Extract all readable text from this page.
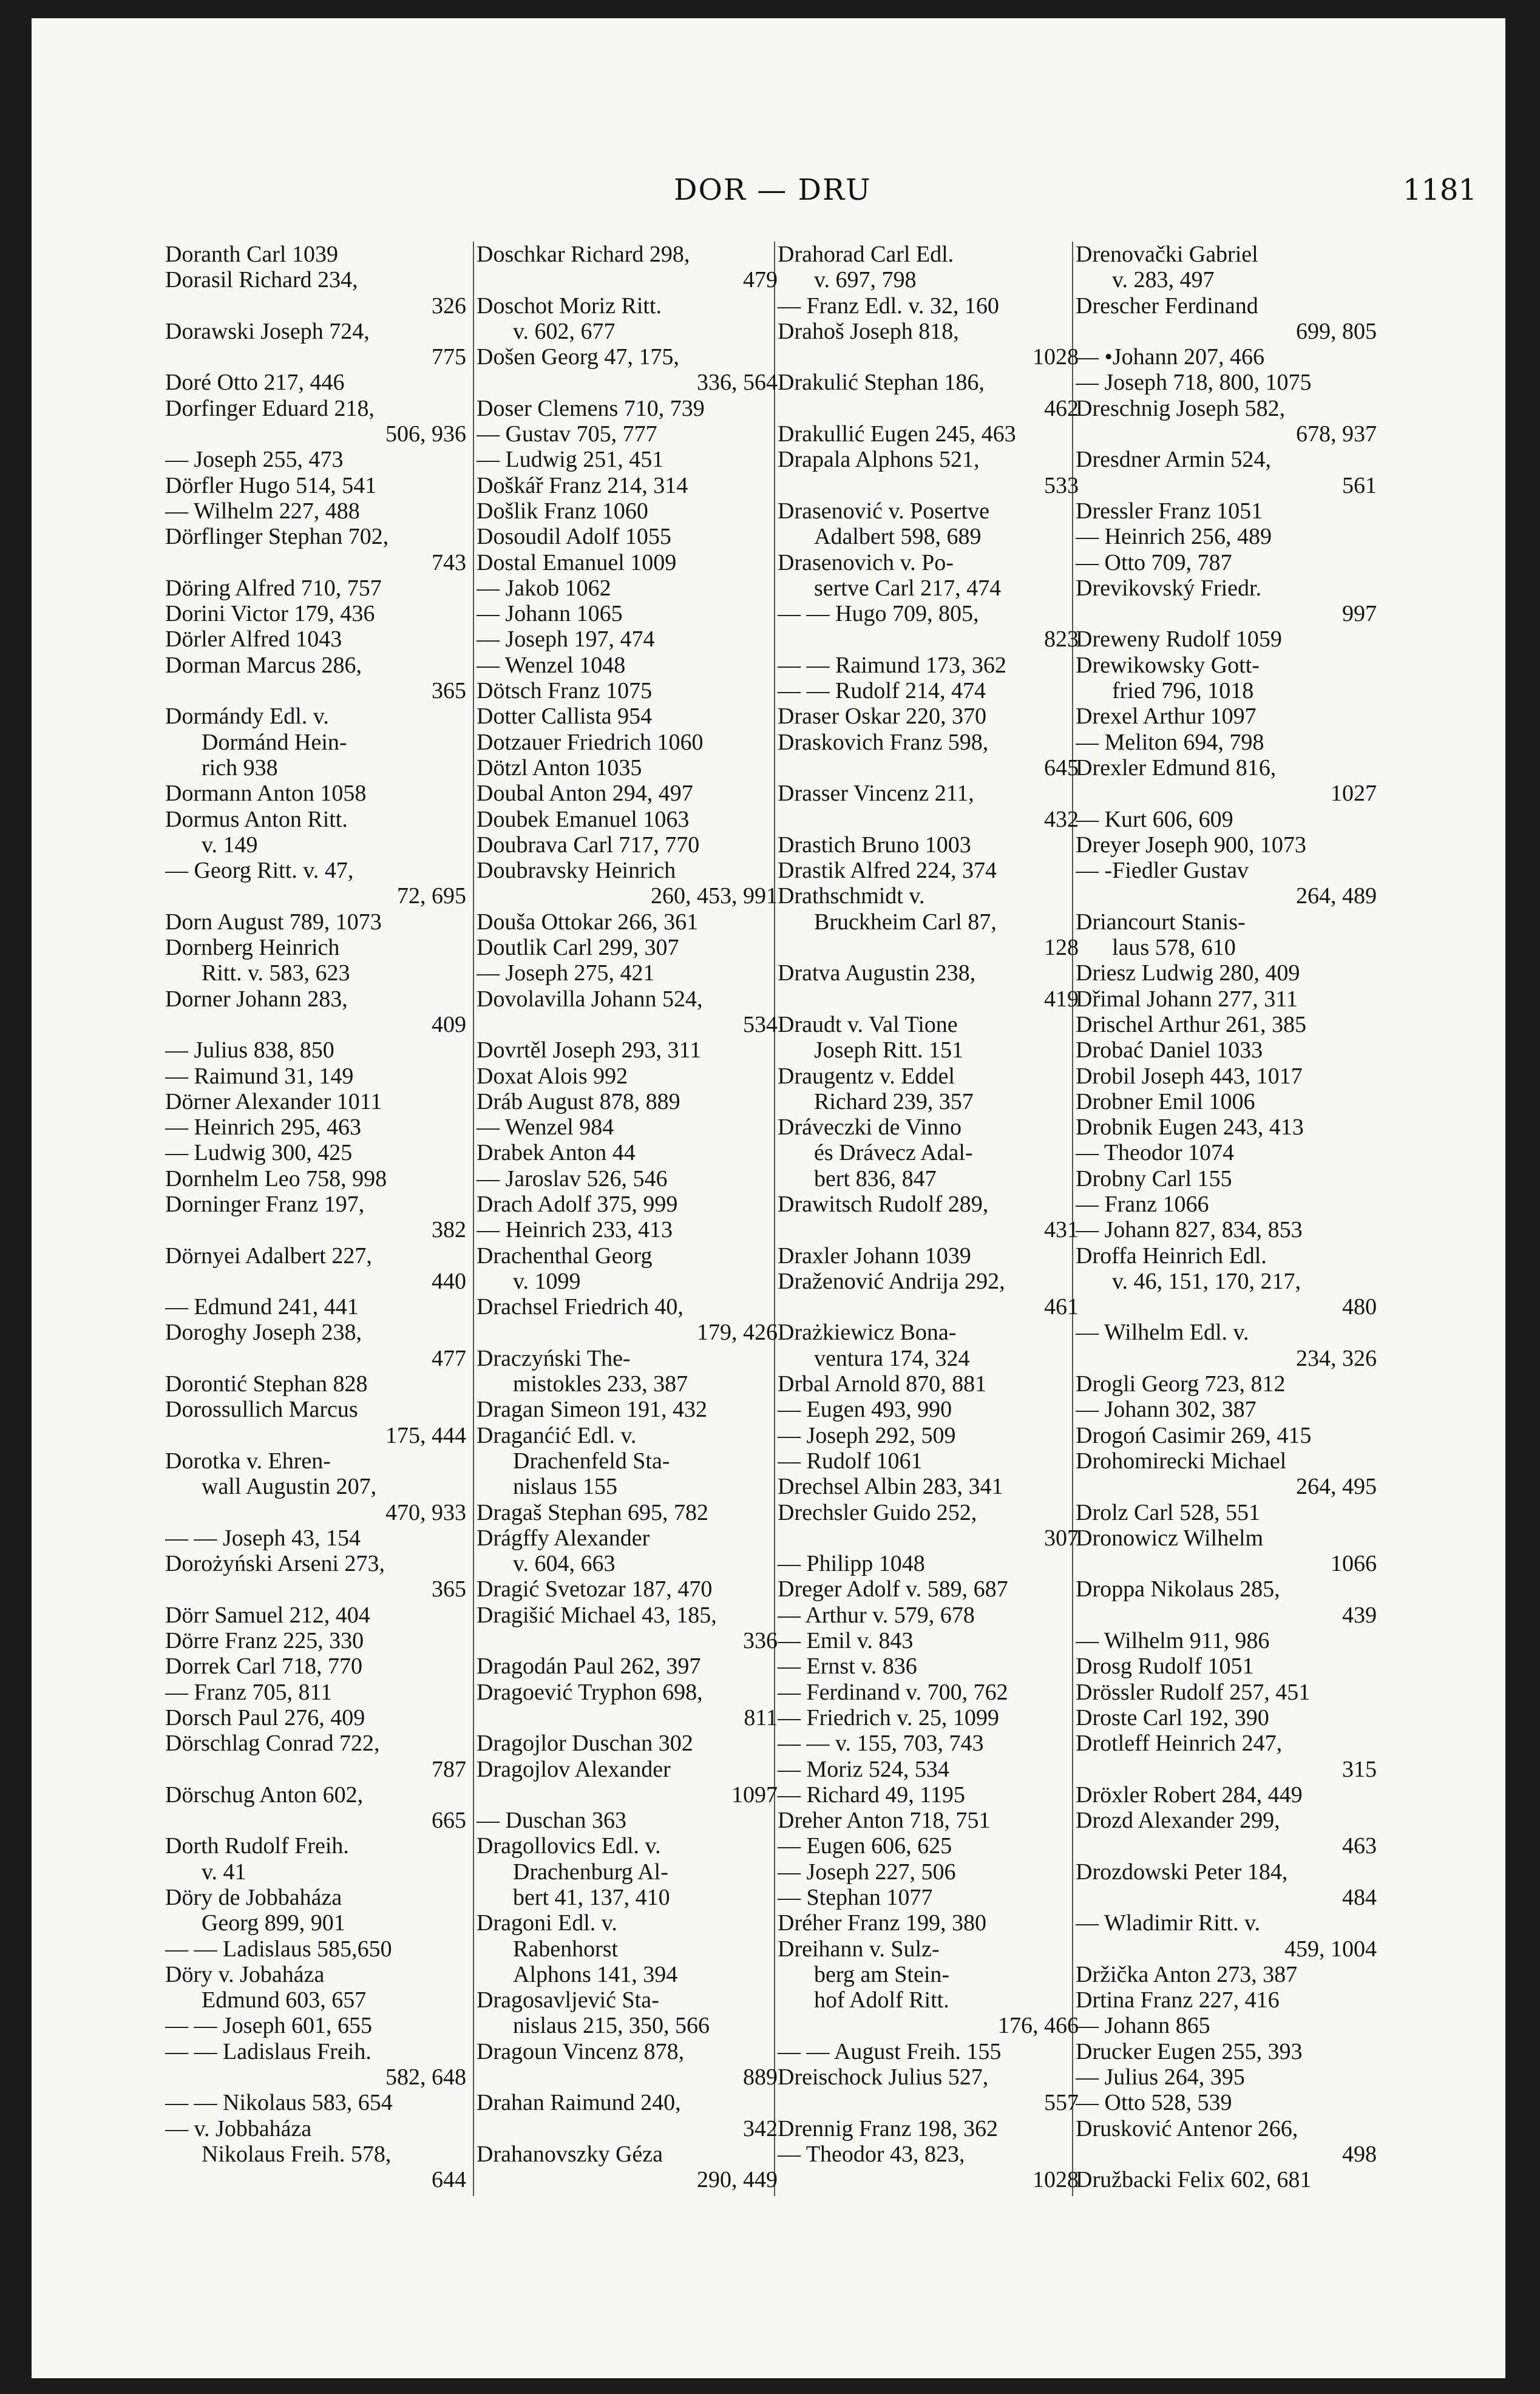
DOR — DRU	1181
Doranth Carl 1039
Dorasil Richard 234,
326
Dorawski Joseph 724,
775
Doré Otto 217, 446
Dorfinger Eduard 218,
506, 936
— Joseph 255, 473
Dörfler Hugo 514, 541
— Wilhelm 227, 488
Dörflinger Stephan 702,
743
Döring Alfred 710, 757
Dorini Victor 179, 436
Dörler Alfred 1043
Dorman Marcus 286,
365
Dormándy Edl. v.
Dormánd Hein-
rich 938
Dormann Anton 1058
Dormus Anton Ritt.
v. 149
— Georg Ritt. v. 47,
72, 695
Dorn August 789, 1073
Dornberg Heinrich
Ritt. v. 583, 623
Dorner Johann 283,
409
— Julius 838, 850
— Raimund 31, 149
Dörner Alexander 1011
— Heinrich 295, 463
— Ludwig 300, 425
Dornhelm Leo 758, 998
Dorninger Franz 197,
382
Dörnyei Adalbert 227,
440
— Edmund 241, 441
Doroghy Joseph 238,
477
Dorontić Stephan 828
Dorossullich Marcus
175, 444
Dorotka v. Ehren-
wall Augustin 207,
470, 933
— — Joseph 43, 154
Dorożyński Arseni 273,
365
Dörr Samuel 212, 404
Dörre Franz 225, 330
Dorrek Carl 718, 770
— Franz 705, 811
Dorsch Paul 276, 409
Dörschlag Conrad 722,
787
Dörschug Anton 602,
665
Dorth Rudolf Freih.
v. 41
Döry de Jobbaháza
Georg 899, 901
— — Ladislaus 585,650
Döry v. Jobaháza
Edmund 603, 657
— — Joseph 601, 655
— — Ladislaus Freih.
582, 648
— — Nikolaus 583, 654
— v. Jobbaháza
Nikolaus Freih. 578,
644
Doschkar Richard 298,
479
Doschot Moriz Ritt.
v. 602, 677
Došen Georg 47, 175,
336, 564
Doser Clemens 710, 739
— Gustav 705, 777
— Ludwig 251, 451
Doškář Franz 214, 314
Došlik Franz 1060
Dosoudil Adolf 1055
Dostal Emanuel 1009
— Jakob 1062
— Johann 1065
— Joseph 197, 474
— Wenzel 1048
Dötsch Franz 1075
Dotter Callista 954
Dotzauer Friedrich 1060
Dötzl Anton 1035
Doubal Anton 294, 497
Doubek Emanuel 1063
Doubrava Carl 717, 770
Doubravsky Heinrich
260, 453, 991
Douša Ottokar 266, 361
Doutlik Carl 299, 307
— Joseph 275, 421
Dovolavilla Johann 524,
534
Dovrtěl Joseph 293, 311
Doxat Alois 992
Dráb August 878, 889
— Wenzel 984
Drabek Anton 44
— Jaroslav 526, 546
Drach Adolf 375, 999
— Heinrich 233, 413
Drachenthal Georg
v. 1099
Drachsel Friedrich 40,
179, 426
Draczyński The-
mistokles 233, 387
Dragan Simeon 191, 432
Draganćić Edl. v.
Drachenfeld Sta-
nislaus 155
Dragaš Stephan 695, 782
Drágffy Alexander
v. 604, 663
Dragić Svetozar 187, 470
Dragišić Michael 43, 185,
336
Dragodán Paul 262, 397
Dragoević Tryphon 698,
811
Dragojlor Duschan 302
Dragojlov Alexander
1097
— Duschan 363
Dragollovics Edl. v.
Drachenburg Al-
bert 41, 137, 410
Dragoni Edl. v.
Rabenhorst
Alphons 141, 394
Dragosavljević Sta-
nislaus 215, 350, 566
Dragoun Vincenz 878,
889
Drahan Raimund 240,
342
Drahanovszky Géza
290, 449
Drahorad Carl Edl.
v. 697, 798
— Franz Edl. v. 32, 160
Drahoš Joseph 818,
1028
Drakulić Stephan 186,
462
Drakullić Eugen 245, 463
Drapala Alphons 521,
533
Drasenović v. Posertve
Adalbert 598, 689
Drasenovich v. Po-
sertve Carl 217, 474
— — Hugo 709, 805,
823
— — Raimund 173, 362
— — Rudolf 214, 474
Draser Oskar 220, 370
Draskovich Franz 598,
645
Drasser Vincenz 211,
432
Drastich Bruno 1003
Drastik Alfred 224, 374
Drathschmidt v.
Bruckheim Carl 87,
128
Dratva Augustin 238,
419
Draudt v. Val Tione
Joseph Ritt. 151
Draugentz v. Eddel
Richard 239, 357
Dráveczki de Vinno
és Drávecz Adal-
bert 836, 847
Drawitsch Rudolf 289,
431
Draxler Johann 1039
Draženović Andrija 292,
461
Drażkiewicz Bona-
ventura 174, 324
Drbal Arnold 870, 881
— Eugen 493, 990
— Joseph 292, 509
— Rudolf 1061
Drechsel Albin 283, 341
Drechsler Guido 252,
307
— Philipp 1048
Dreger Adolf v. 589, 687
— Arthur v. 579, 678
— Emil v. 843
— Ernst v. 836
— Ferdinand v. 700, 762
— Friedrich v. 25, 1099
— — v. 155, 703, 743
— Moriz 524, 534
— Richard 49, 1195
Dreher Anton 718, 751
— Eugen 606, 625
— Joseph 227, 506
— Stephan 1077
Dréher Franz 199, 380
Dreihann v. Sulz-
berg am Stein-
hof Adolf Ritt.
176, 466
— — August Freih. 155
Dreischock Julius 527,
557
Drennig Franz 198, 362
— Theodor 43, 823,
1028
Drenovački Gabriel
v. 283, 497
Drescher Ferdinand
699, 805
— •Johann 207, 466
— Joseph 718, 800, 1075
Dreschnig Joseph 582,
678, 937
Dresdner Armin 524,
561
Dressler Franz 1051
— Heinrich 256, 489
— Otto 709, 787
Drevikovský Friedr.
997
Dreweny Rudolf 1059
Drewikowsky Gott-
fried 796, 1018
Drexel Arthur 1097
— Meliton 694, 798
Drexler Edmund 816,
1027
— Kurt 606, 609
Dreyer Joseph 900, 1073
— -Fiedler Gustav
264, 489
Driancourt Stanis-
laus 578, 610
Driesz Ludwig 280, 409
Dřimal Johann 277, 311
Drischel Arthur 261, 385
Drobać Daniel 1033
Drobil Joseph 443, 1017
Drobner Emil 1006
Drobnik Eugen 243, 413
— Theodor 1074
Drobny Carl 155
— Franz 1066
— Johann 827, 834, 853
Droffa Heinrich Edl.
v. 46, 151, 170, 217,
480
— Wilhelm Edl. v.
234, 326
Drogli Georg 723, 812
— Johann 302, 387
Drogoń Casimir 269, 415
Drohomirecki Michael
264, 495
Drolz Carl 528, 551
Dronowicz Wilhelm
1066
Droppa Nikolaus 285,
439
— Wilhelm 911, 986
Drosg Rudolf 1051
Drössler Rudolf 257, 451
Droste Carl 192, 390
Drotleff Heinrich 247,
315
Dröxler Robert 284, 449
Drozd Alexander 299,
463
Drozdowski Peter 184,
484
— Wladimir Ritt. v.
459, 1004
Držička Anton 273, 387
Drtina Franz 227, 416
— Johann 865
Drucker Eugen 255, 393
— Julius 264, 395
— Otto 528, 539
Drusković Antenor 266,
498
Družbacki Felix 602, 681
